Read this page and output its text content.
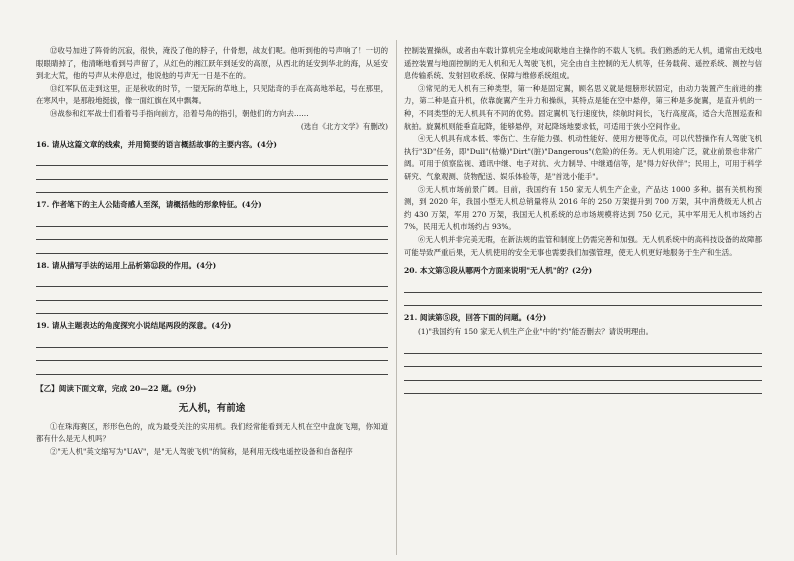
⑫收号加进了阵骨的沉寂，很快，淹没了他的脖子，什骨想，战友们呢。他听到他的号声响了！一切的眼眼睛掉了，他清晰地看到号声留了，从红色的湘江跃年到延安的高原，从西北的延安到华北的海，从延安到北大荒，他的号声从未停息过，他说他的号声无一日是不在的。

⑬红军队伍走到这里，正是秋收的时节，一望无际的草地上，只见陆奇的手在高高地举起，号在那里，在寒风中，是那般地挺拔，像一面红旗在风中飘舞。

⑭战参和红军战士们看着号手指向前方，沿着号角的指引，朝他们的方向去……

(选自《北方文学》有删改)

16. 请从这篇文章的线索，并用简要的语言概括故事的主要内容。(4分)

17. 作者笔下的主人公陆奇感人至深，请概括他的形象特征。(4分)

18. 请从描写手法的运用上品析第⑫段的作用。(4分)

19. 请从主题表达的角度探究小说结尾两段的深意。(4分)

【乙】阅读下面文章，完成 20—22 题。(9分)

无人机，有前途

①在珠海赛区，形形色色的，成为最受关注的实用机。我们经常能看到无人机在空中盘旋飞翔，你知道都有什么是无人机吗？

②"无人机"英文缩写为"UAV"，是"无人驾驶飞机"的简称，是利用无线电遥控设备和自备程序

控制装置操纵，或者由车载计算机完全地或间歇地自主操作的不载人飞机。我们熟悉的无人机，通常由无线电遥控装置与地面控制的无人机和无人驾驶飞机，完全由自主控制的无人机等，任务载荷、遥控系统、测控与信息传输系统、发射回收系统、保障与维修系统组成。

③常见的无人机有三种类型，第一种是固定翼，顾名思义就是翅膀形状固定，由动力装置产生前进的推力，第二种是直升机，依靠旋翼产生升力和操纵，其特点是能在空中悬停，第三种是多旋翼，是直升机的一种，不同类型的无人机具有不同的优势。固定翼机飞行速度快，续航时间长，飞行高度高，适合大范围巡查和航拍。旋翼机则能垂直起降，能够悬停，对起降场地要求低，可适用于狭小空间作业。

④无人机具有成本低、零伤亡、生存能力强、机动性能好、使用方便等优点，可以代替操作有人驾驶飞机执行"3D"任务，即"Dull"(枯燥)"Dirt"(脏)"Dangerous"(危险)的任务。无人机用途广泛，就业前景也非常广阔。可用于侦察监视、通讯中继、电子对抗、火力制导、中继通信等，是"得力好伙伴"；民用上，可用于科学研究、气象观测、货物配送、娱乐体验等，是"首选小能手"。

⑤无人机市场前景广阔。目前，我国约有 150 家无人机生产企业，产品达 1000 多种。据有关机构预测，到 2020 年，我国小型无人机总销量将从 2016 年的 250 万架提升到 700 万架，其中消费级无人机占约 430 万架，军用 270 万架，我国无人机系统的总市场规模将达到 750 亿元，其中军用无人机市场约占 7%，民用无人机市场约占 93%。

⑥无人机并非完美无瑕，在新法规的监管和制度上仍需完善和加强。无人机系统中的高科技设备的故障都可能导致严重后果，无人机使用的安全无事也需要我们加强管理，使无人机更好地服务于生产和生活。

20. 本文第③段从哪两个方面来说明"无人机"的？(2分)

21. 阅读第⑤段，回答下面的问题。(4分)

(1)"我国约有 150 家无人机生产企业"中的"约"能否删去？请说明理由。
